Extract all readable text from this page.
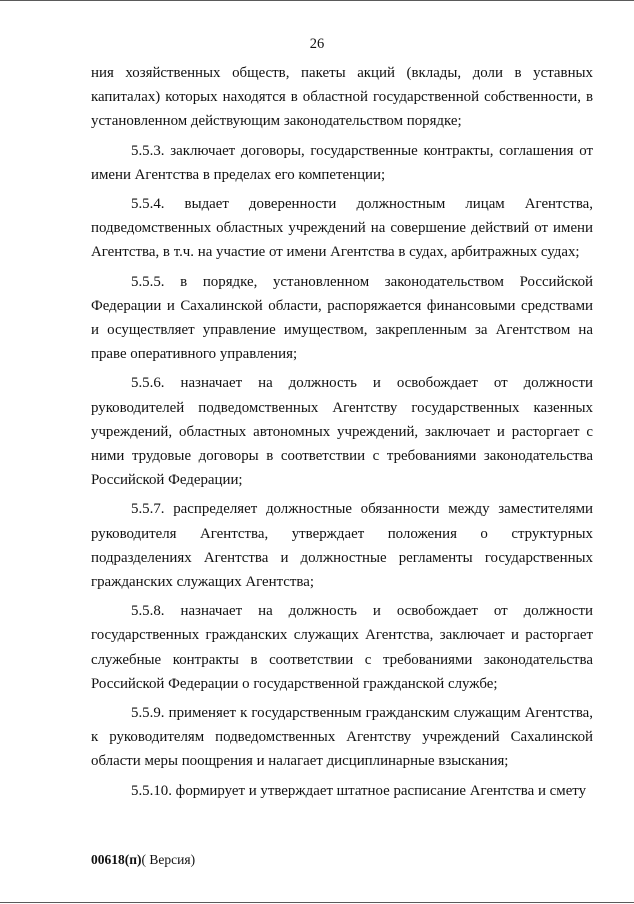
26

ния хозяйственных обществ, пакеты акций (вклады, доли в уставных капиталах) которых находятся в областной государственной собственности, в установленном действующим законодательством порядке;

5.5.3. заключает договоры, государственные контракты, соглашения от имени Агентства в пределах его компетенции;

5.5.4. выдает доверенности должностным лицам Агентства, подведомственных областных учреждений на совершение действий от имени Агентства, в т.ч. на участие от имени Агентства в судах, арбитражных судах;

5.5.5. в порядке, установленном законодательством Российской Федерации и Сахалинской области, распоряжается финансовыми средствами и осуществляет управление имуществом, закрепленным за Агентством на праве оперативного управления;

5.5.6. назначает на должность и освобождает от должности руководителей подведомственных Агентству государственных казенных учреждений, областных автономных учреждений, заключает и расторгает с ними трудовые договоры в соответствии с требованиями законодательства Российской Федерации;

5.5.7. распределяет должностные обязанности между заместителями руководителя Агентства, утверждает положения о структурных подразделениях Агентства и должностные регламенты государственных гражданских служащих Агентства;

5.5.8. назначает на должность и освобождает от должности государственных гражданских служащих Агентства, заключает и расторгает служебные контракты в соответствии с требованиями законодательства Российской Федерации о государственной гражданской службе;

5.5.9. применяет к государственным гражданским служащим Агентства, к руководителям подведомственных Агентству учреждений Сахалинской области меры поощрения и налагает дисциплинарные взыскания;

5.5.10. формирует и утверждает штатное расписание Агентства и смету

00618(п)( Версия)
